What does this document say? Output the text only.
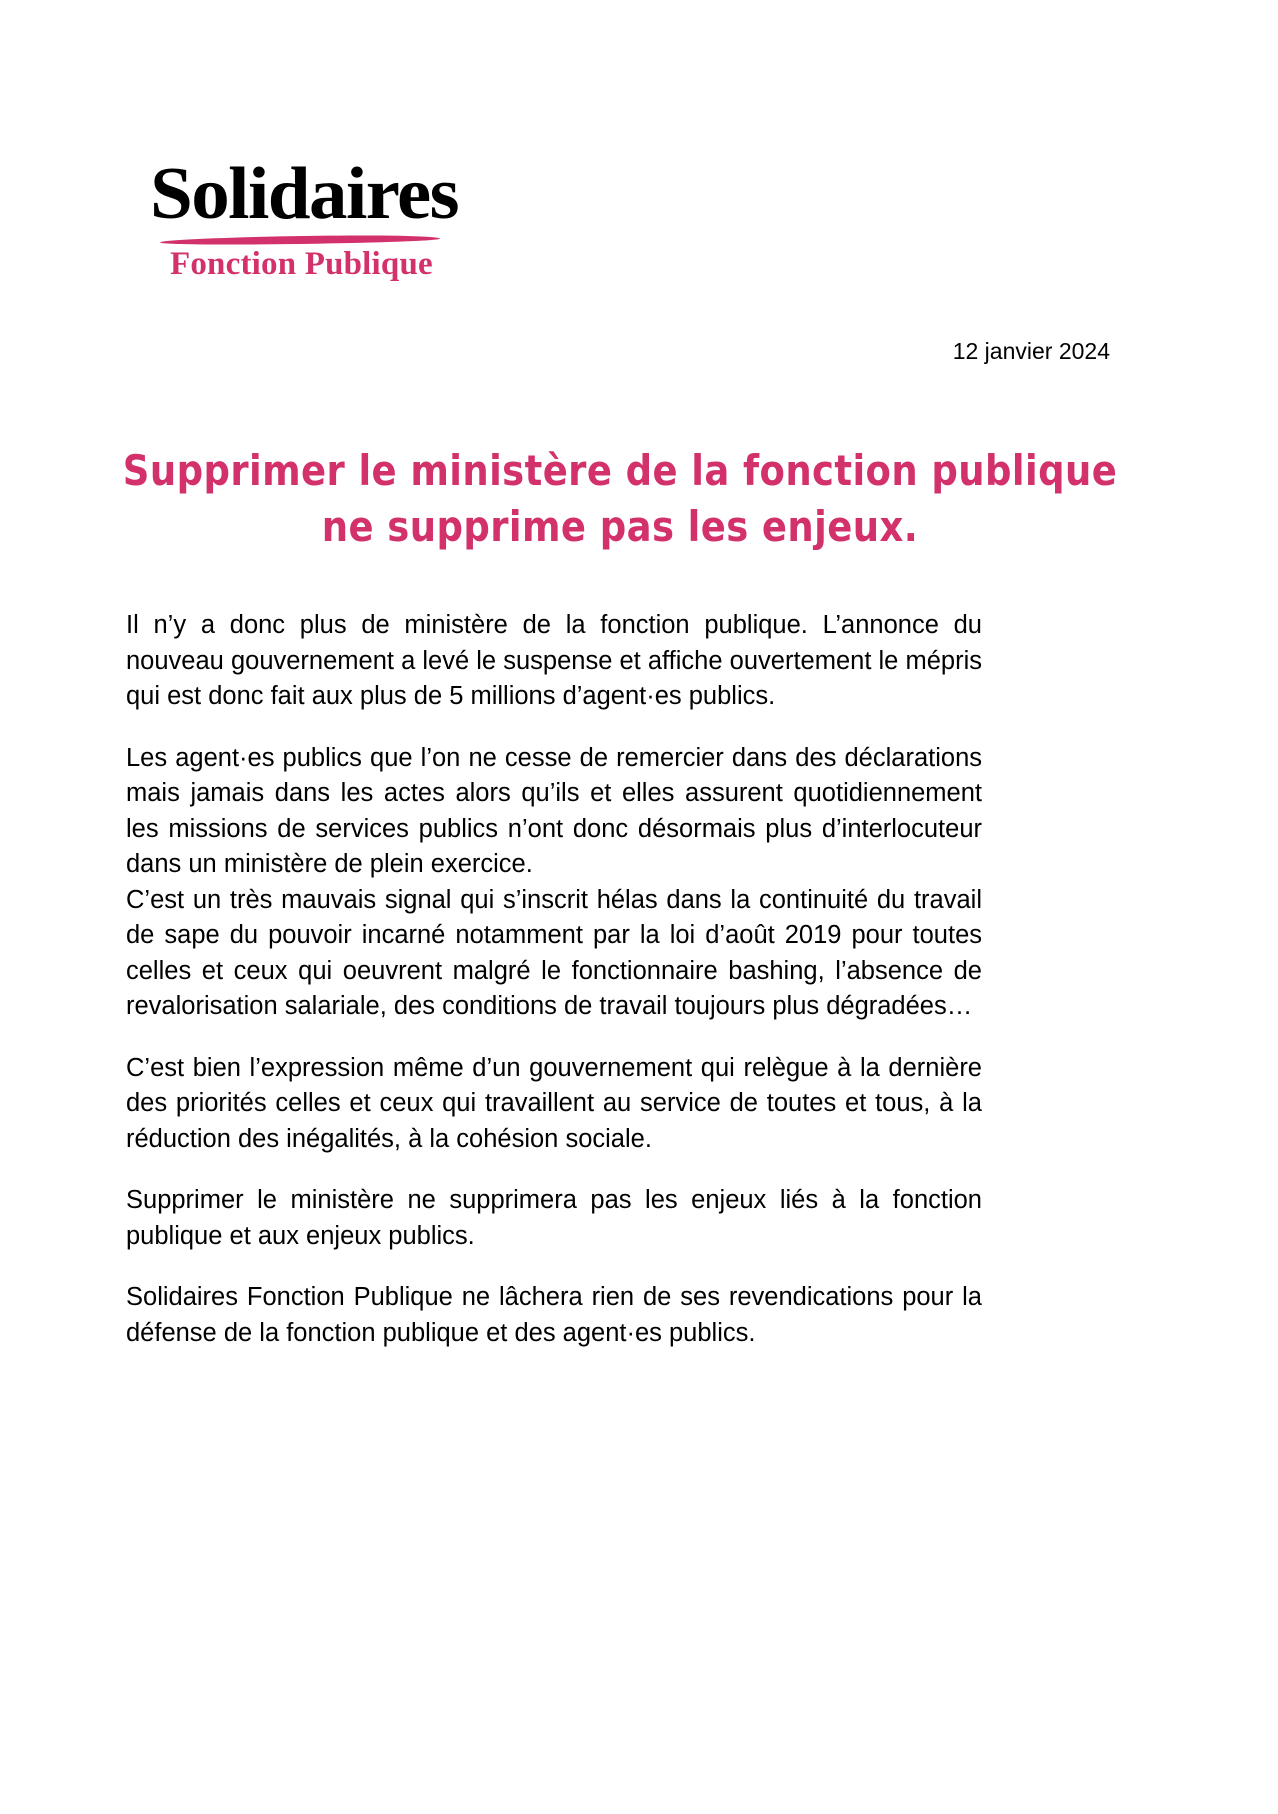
Solidaires
Fonction Publique
12 janvier 2024
Supprimer le ministère de la fonction publique
ne supprime pas les enjeux.

Il n’y a donc plus de ministère de la fonction publique. L’annonce du nouveau gouvernement a levé le suspense et affiche ouvertement le mépris qui est donc fait aux plus de 5 millions d’agent·es publics.

Les agent·es publics que l’on ne cesse de remercier dans des déclarations mais jamais dans les actes alors qu’ils et elles assurent quotidiennement les missions de services publics n’ont donc désormais plus d’interlocuteur dans un ministère de plein exercice.

C’est un très mauvais signal qui s’inscrit hélas dans la continuité du travail de sape du pouvoir incarné notamment par la loi d’août 2019 pour toutes celles et ceux qui oeuvrent malgré le fonctionnaire bashing, l’absence de revalorisation salariale, des conditions de travail toujours plus dégradées…

C’est bien l’expression même d’un gouvernement qui relègue à la dernière des priorités celles et ceux qui travaillent au service de toutes et tous, à la réduction des inégalités, à la cohésion sociale.

Supprimer le ministère ne supprimera pas les enjeux liés à la fonction publique et aux enjeux publics.

Solidaires Fonction Publique ne lâchera rien de ses revendications pour la défense de la fonction publique et des agent·es publics.
